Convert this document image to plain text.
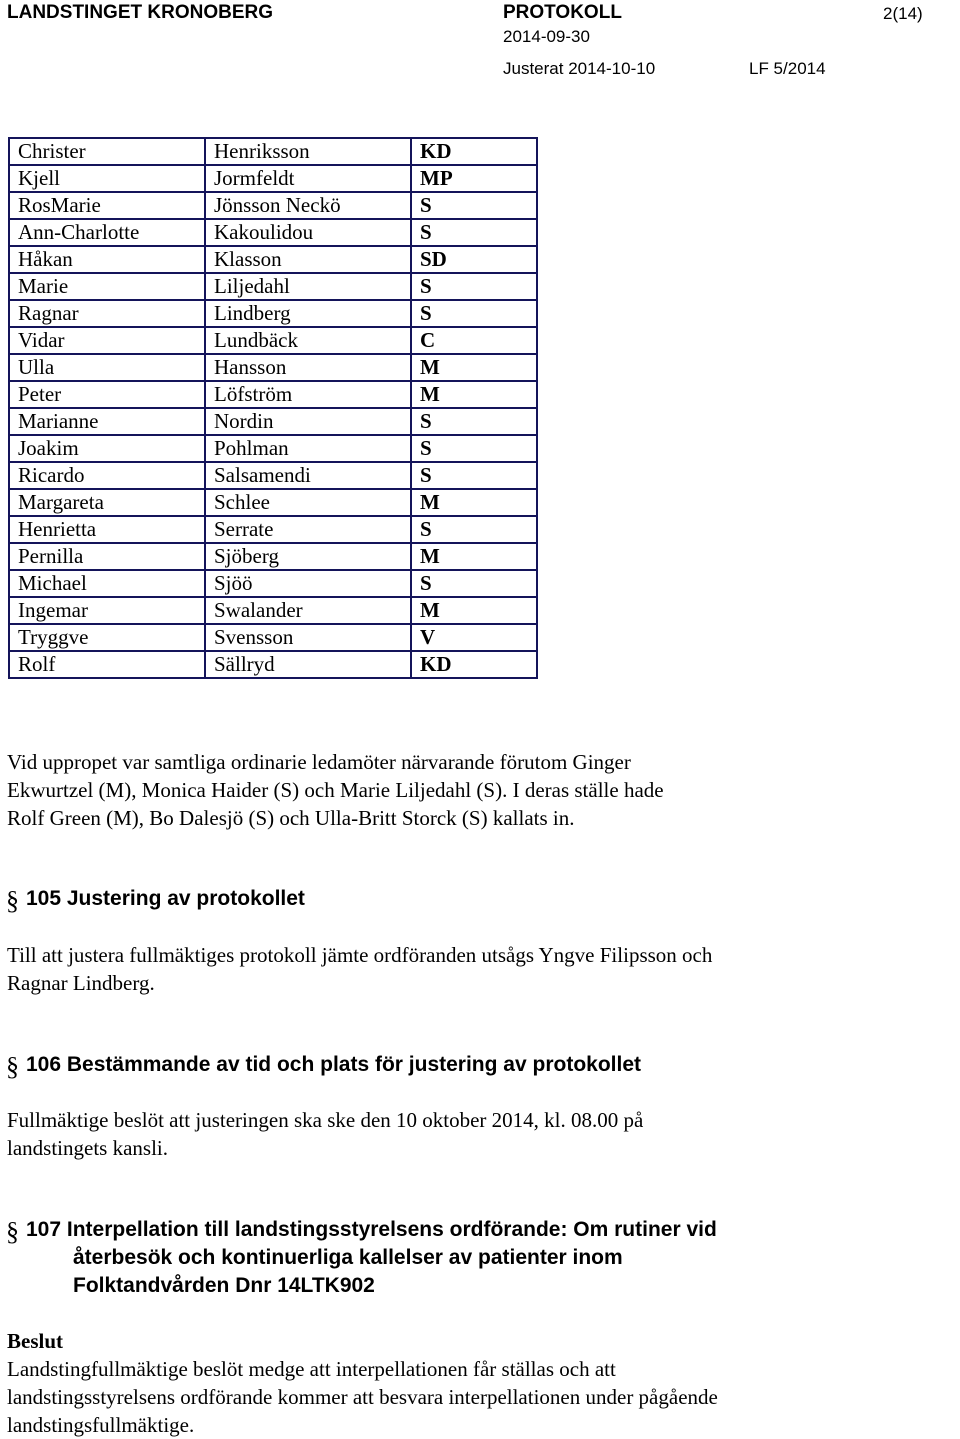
LANDSTINGET KRONOBERG	PROTOKOLL	2(14)
2014-09-30
Justerat 2014-10-10	LF 5/2014
Christer	Henriksson	KD
Kjell	Jormfeldt	MP
RosMarie	Jönsson Neckö	S
Ann-Charlotte	Kakoulidou	S
Håkan	Klasson	SD
Marie	Liljedahl	S
Ragnar	Lindberg	S
Vidar	Lundbäck	C
Ulla	Hansson	M
Peter	Löfström	M
Marianne	Nordin	S
Joakim	Pohlman	S
Ricardo	Salsamendi	S
Margareta	Schlee	M
Henrietta	Serrate	S
Pernilla	Sjöberg	M
Michael	Sjöö	S
Ingemar	Swalander	M
Tryggve	Svensson	V
Rolf	Sällryd	KD
Vid uppropet var samtliga ordinarie ledamöter närvarande förutom Ginger
Ekwurtzel (M), Monica Haider (S) och Marie Liljedahl (S). I deras ställe hade
Rolf Green (M), Bo Dalesjö (S) och Ulla-Britt Storck (S) kallats in.
§ 105 Justering av protokollet
Till att justera fullmäktiges protokoll jämte ordföranden utsågs Yngve Filipsson och
Ragnar Lindberg.
§ 106 Bestämmande av tid och plats för justering av protokollet
Fullmäktige beslöt att justeringen ska ske den 10 oktober 2014, kl. 08.00 på
landstingets kansli.
§ 107 Interpellation till landstingsstyrelsens ordförande: Om rutiner vid
återbesök och kontinuerliga kallelser av patienter inom
Folktandvården Dnr 14LTK902
Beslut
Landstingfullmäktige beslöt medge att interpellationen får ställas och att
landstingsstyrelsens ordförande kommer att besvara interpellationen under pågående
landstingsfullmäktige.
